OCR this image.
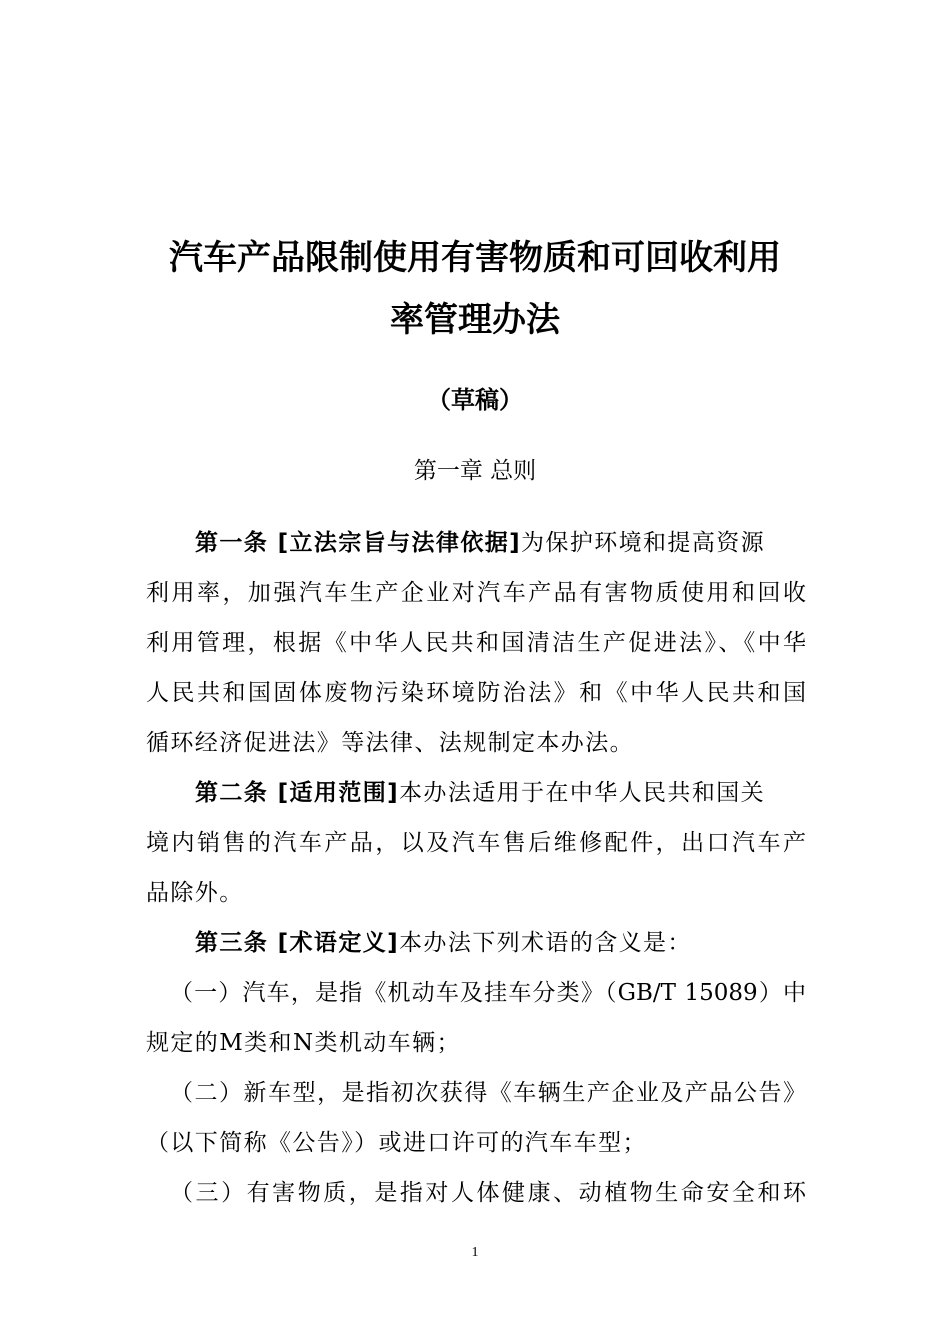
汽车产品限制使用有害物质和可回收利用
率管理办法
（草稿）
第一章 总则
第一条 [立法宗旨与法律依据]为保护环境和提高资源
利用率，加强汽车生产企业对汽车产品有害物质使用和回收
利用管理，根据《中华人民共和国清洁生产促进法》、《中华
人民共和国固体废物污染环境防治法》和《中华人民共和国
循环经济促进法》等法律、法规制定本办法。
第二条 [适用范围]本办法适用于在中华人民共和国关
境内销售的汽车产品，以及汽车售后维修配件，出口汽车产
品除外。
第三条 [术语定义]本办法下列术语的含义是：
（一）汽车，是指《机动车及挂车分类》（GB/T 15089）中
规定的M类和N类机动车辆；
（二）新车型，是指初次获得《车辆生产企业及产品公告》
（以下简称《公告》）或进口许可的汽车车型；
（三）有害物质，是指对人体健康、动植物生命安全和环
1
